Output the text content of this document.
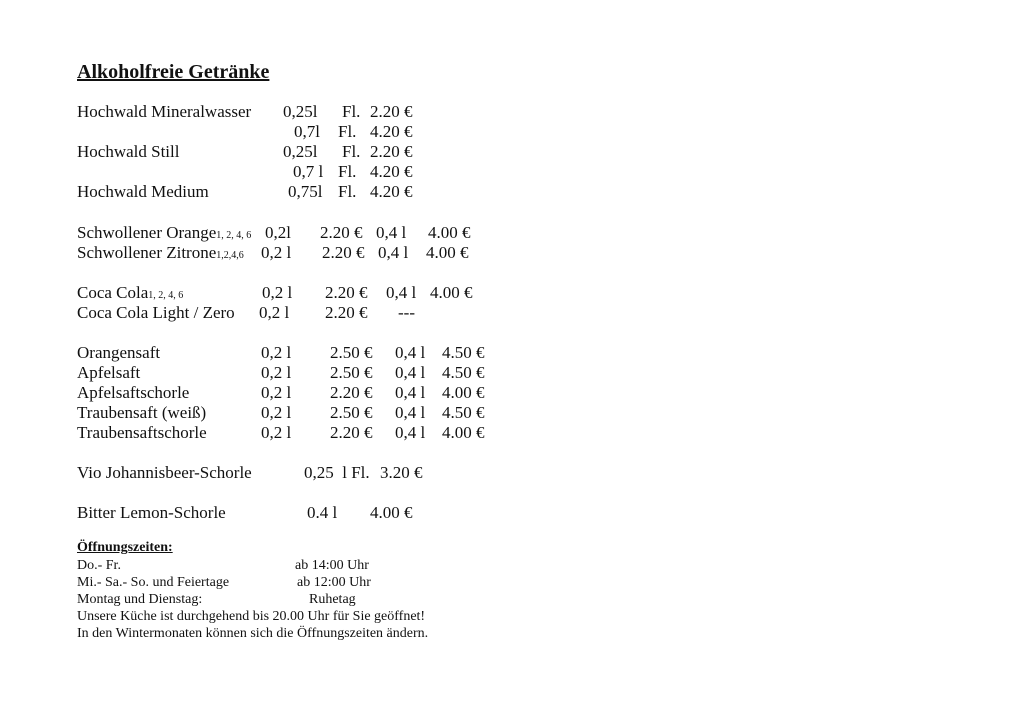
Alkoholfreie Getränke
Hochwald Mineralwasser 0,25l Fl. 2.20 €
0,7l Fl. 4.20 €
Hochwald Still	0,25l Fl. 2.20 €
0,7 l Fl. 4.20 €
Hochwald Medium	0,75l Fl. 4.20 €
Schwollener Orange1, 2, 4, 6 0,2l 2.20 € 0,4 l 4.00 €
Schwollener Zitrone1,2,4,6 0,2 l 2.20 € 0,4 l 4.00 €
Coca Cola1, 2, 4, 6	0,2 l 2.20 € 0,4 l 4.00 €
Coca Cola Light / Zero 0,2 l 2.20 € ---
Orangensaft	0,2 l 2.50 € 0,4 l 4.50 €
Apfelsaft	0,2 l 2.50 € 0,4 l 4.50 €
Apfelsaftschorle	0,2 l 2.20 € 0,4 l 4.00 €
Traubensaft (weiß)	0,2 l 2.50 € 0,4 l 4.50 €
Traubensaftschorle	0,2 l 2.20 € 0,4 l 4.00 €
Vio Johannisbeer-Schorle	0,25  l Fl. 3.20 €
Bitter Lemon-Schorle	0.4 l 4.00 €
Öffnungszeiten:
Do.- Fr.	ab 14:00 Uhr
Mi.- Sa.- So. und Feiertage	ab 12:00 Uhr
Montag und Dienstag:	Ruhetag
Unsere Küche ist durchgehend bis 20.00 Uhr für Sie geöffnet!
In den Wintermonaten können sich die Öffnungszeiten ändern.
